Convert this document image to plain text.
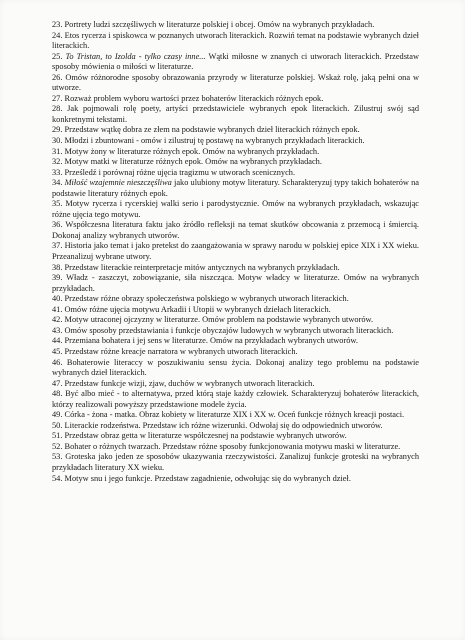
23. Portrety ludzi szczęśliwych w literaturze polskiej i obcej. Omów na wybranych przykładach.

24. Etos rycerza i spiskowca w poznanych utworach literackich. Rozwiń temat na podstawie wybranych dzieł literackich.

25. To Tristan, to Izolda - tylko czasy inne... Wątki miłosne w znanych ci utworach literackich. Przedstaw sposoby mówienia o miłości w literaturze.

26. Omów różnorodne sposoby obrazowania przyrody w literaturze polskiej. Wskaż rolę, jaką pełni ona w utworze.

27. Rozważ problem wyboru wartości przez bohaterów literackich różnych epok.

28. Jak pojmowali rolę poety, artyści przedstawiciele wybranych epok literackich. Zilustruj swój sąd konkretnymi tekstami.

29. Przedstaw wątkę dobra ze złem na podstawie wybranych dzieł literackich różnych epok.

30. Młodzi i zbuntowani - omów i zilustruj tę postawę na wybranych przykładach literackich.

31. Motyw żony w literaturze różnych epok. Omów na wybranych przykładach.

32. Motyw matki w literaturze różnych epok. Omów na wybranych przykładach.

33. Prześledź i porównaj różne ujęcia tragizmu w utworach scenicznych.

34. Miłość wzajemnie nieszczęśliwa jako ulubiony motyw literatury. Scharakteryzuj typy takich bohaterów na podstawie literatury różnych epok.

35. Motyw rycerza i rycerskiej walki serio i parodystycznie. Omów na wybranych przykładach, wskazując różne ujęcia tego motywu.

36. Współczesna literatura faktu jako źródło refleksji na temat skutków obcowania z przemocą i śmiercią. Dokonaj analizy wybranych utworów.

37. Historia jako temat i jako pretekst do zaangażowania w sprawy narodu w polskiej epice XIX i XX wieku. Przeanalizuj wybrane utwory.

38. Przedstaw literackie reinterpretacje mitów antycznych na wybranych przykładach.

39. Władz - zaszczyt, zobowiązanie, siła niszcząca. Motyw władcy w literaturze. Omów na wybranych przykładach.

40. Przedstaw różne obrazy społeczeństwa polskiego w wybranych utworach literackich.

41. Omów różne ujęcia motywu Arkadii i Utopii w wybranych dziełach literackich.

42. Motyw utraconej ojczyzny w literaturze. Omów problem na podstawie wybranych utworów.

43. Omów sposoby przedstawiania i funkcje obyczajów ludowych w wybranych utworach literackich.

44. Przemiana bohatera i jej sens w literaturze. Omów na przykładach wybranych utworów.

45. Przedstaw różne kreacje narratora w wybranych utworach literackich.

46. Bohaterowie literaccy w poszukiwaniu sensu życia. Dokonaj analizy tego problemu na podstawie wybranych dzieł literackich.

47. Przedstaw funkcje wizji, zjaw, duchów w wybranych utworach literackich.

48. Być albo mieć - to alternatywa, przed którą staje każdy człowiek. Scharakteryzuj bohaterów literackich, którzy realizowali powyższy przedstawione modele życia.

49. Córka - żona - matka. Obraz kobiety w literaturze XIX i XX w. Oceń funkcje różnych kreacji postaci.

50. Literackie rodzeństwa. Przedstaw ich różne wizerunki. Odwołaj się do odpowiednich utworów.

51. Przedstaw obraz getta w literaturze współczesnej na podstawie wybranych utworów.

52. Bohater o różnych twarzach. Przedstaw różne sposoby funkcjonowania motywu maski w literaturze.

53. Groteska jako jeden ze sposobów ukazywania rzeczywistości. Zanalizuj funkcje groteski na wybranych przykładach literatury XX wieku.

54. Motyw snu i jego funkcje. Przedstaw zagadnienie, odwołując się do wybranych dzieł.
